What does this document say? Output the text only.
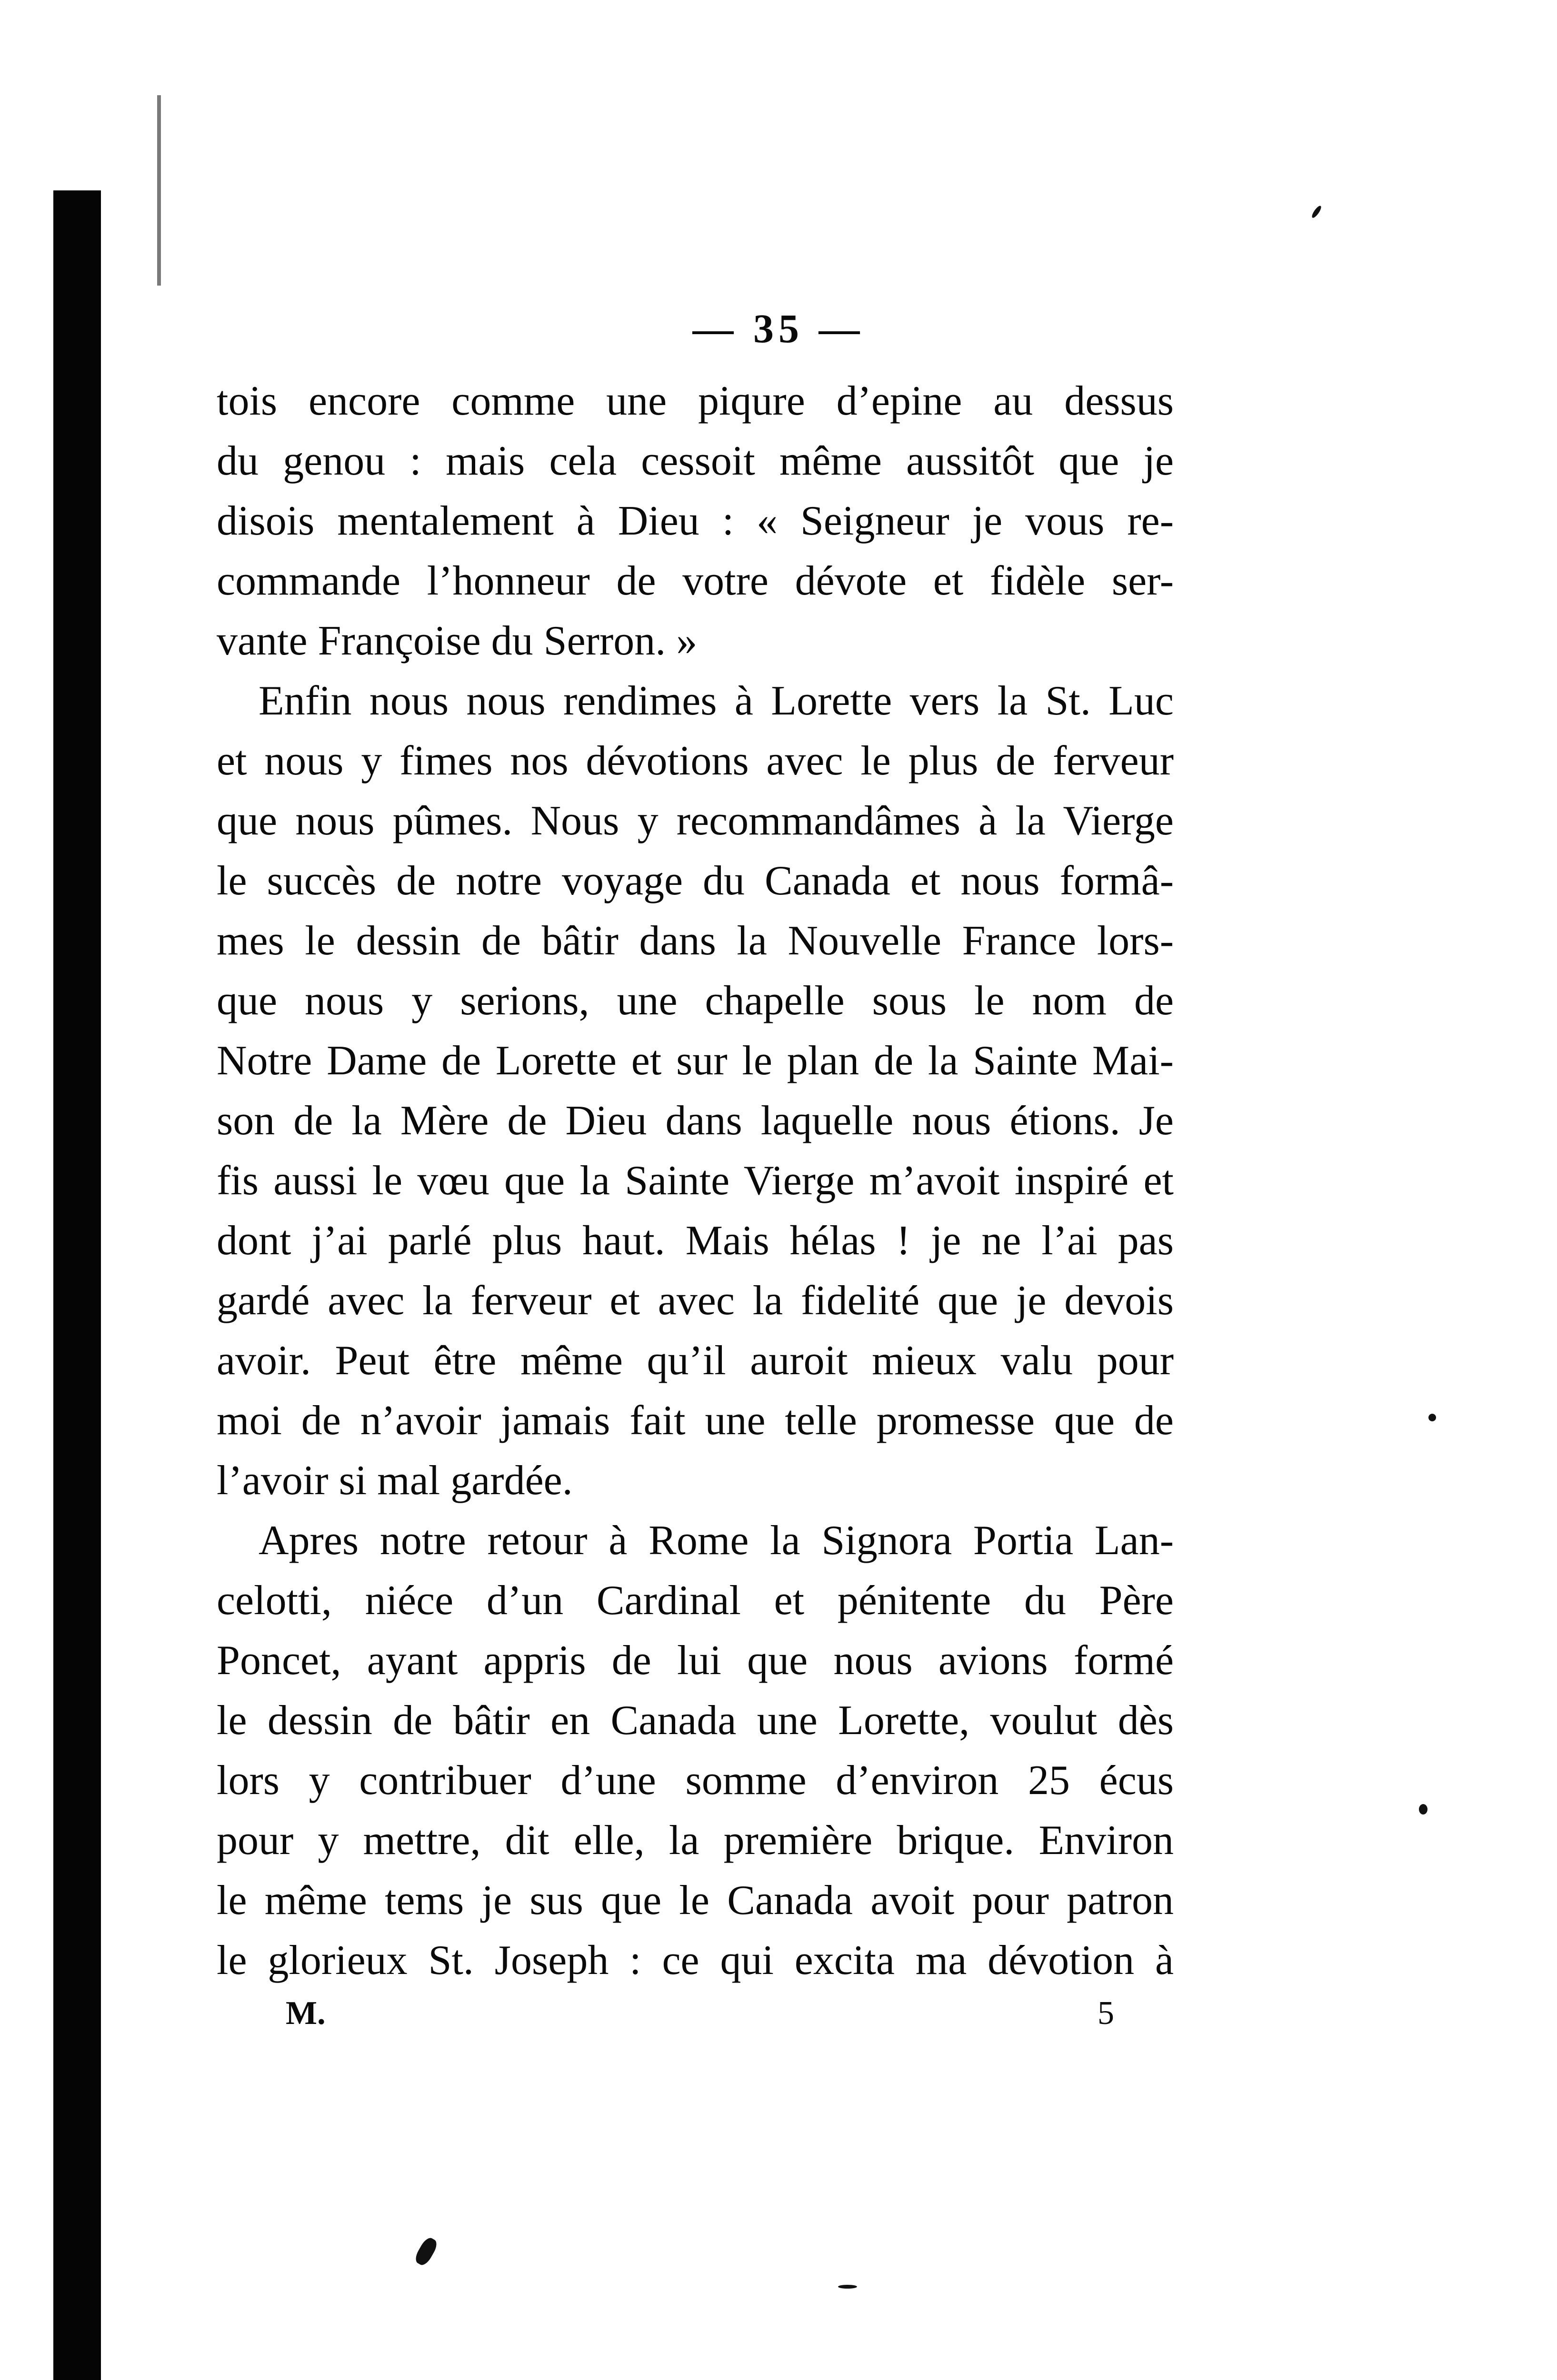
— 35 —
tois encore comme une piqure d’epine au dessus
du genou : mais cela cessoit même aussitôt que je
disois mentalement à Dieu : « Seigneur je vous re-
commande l’honneur de votre dévote et fidèle ser-
vante Françoise du Serron. »
Enfin nous nous rendimes à Lorette vers la St. Luc
et nous y fimes nos dévotions avec le plus de ferveur
que nous pûmes. Nous y recommandâmes à la Vierge
le succès de notre voyage du Canada et nous formâ-
mes le dessin de bâtir dans la Nouvelle France lors-
que nous y serions, une chapelle sous le nom de
Notre Dame de Lorette et sur le plan de la Sainte Mai-
son de la Mère de Dieu dans laquelle nous étions. Je
fis aussi le vœu que la Sainte Vierge m’avoit inspiré et
dont j’ai parlé plus haut. Mais hélas ! je ne l’ai pas
gardé avec la ferveur et avec la fidelité que je devois
avoir. Peut être même qu’il auroit mieux valu pour
moi de n’avoir jamais fait une telle promesse que de
l’avoir si mal gardée.
Apres notre retour à Rome la Signora Portia Lan-
celotti, niéce d’un Cardinal et pénitente du Père
Poncet, ayant appris de lui que nous avions formé
le dessin de bâtir en Canada une Lorette, voulut dès
lors y contribuer d’une somme d’environ 25 écus
pour y mettre, dit elle, la première brique. Environ
le même tems je sus que le Canada avoit pour patron
le glorieux St. Joseph : ce qui excita ma dévotion à
M.	5
